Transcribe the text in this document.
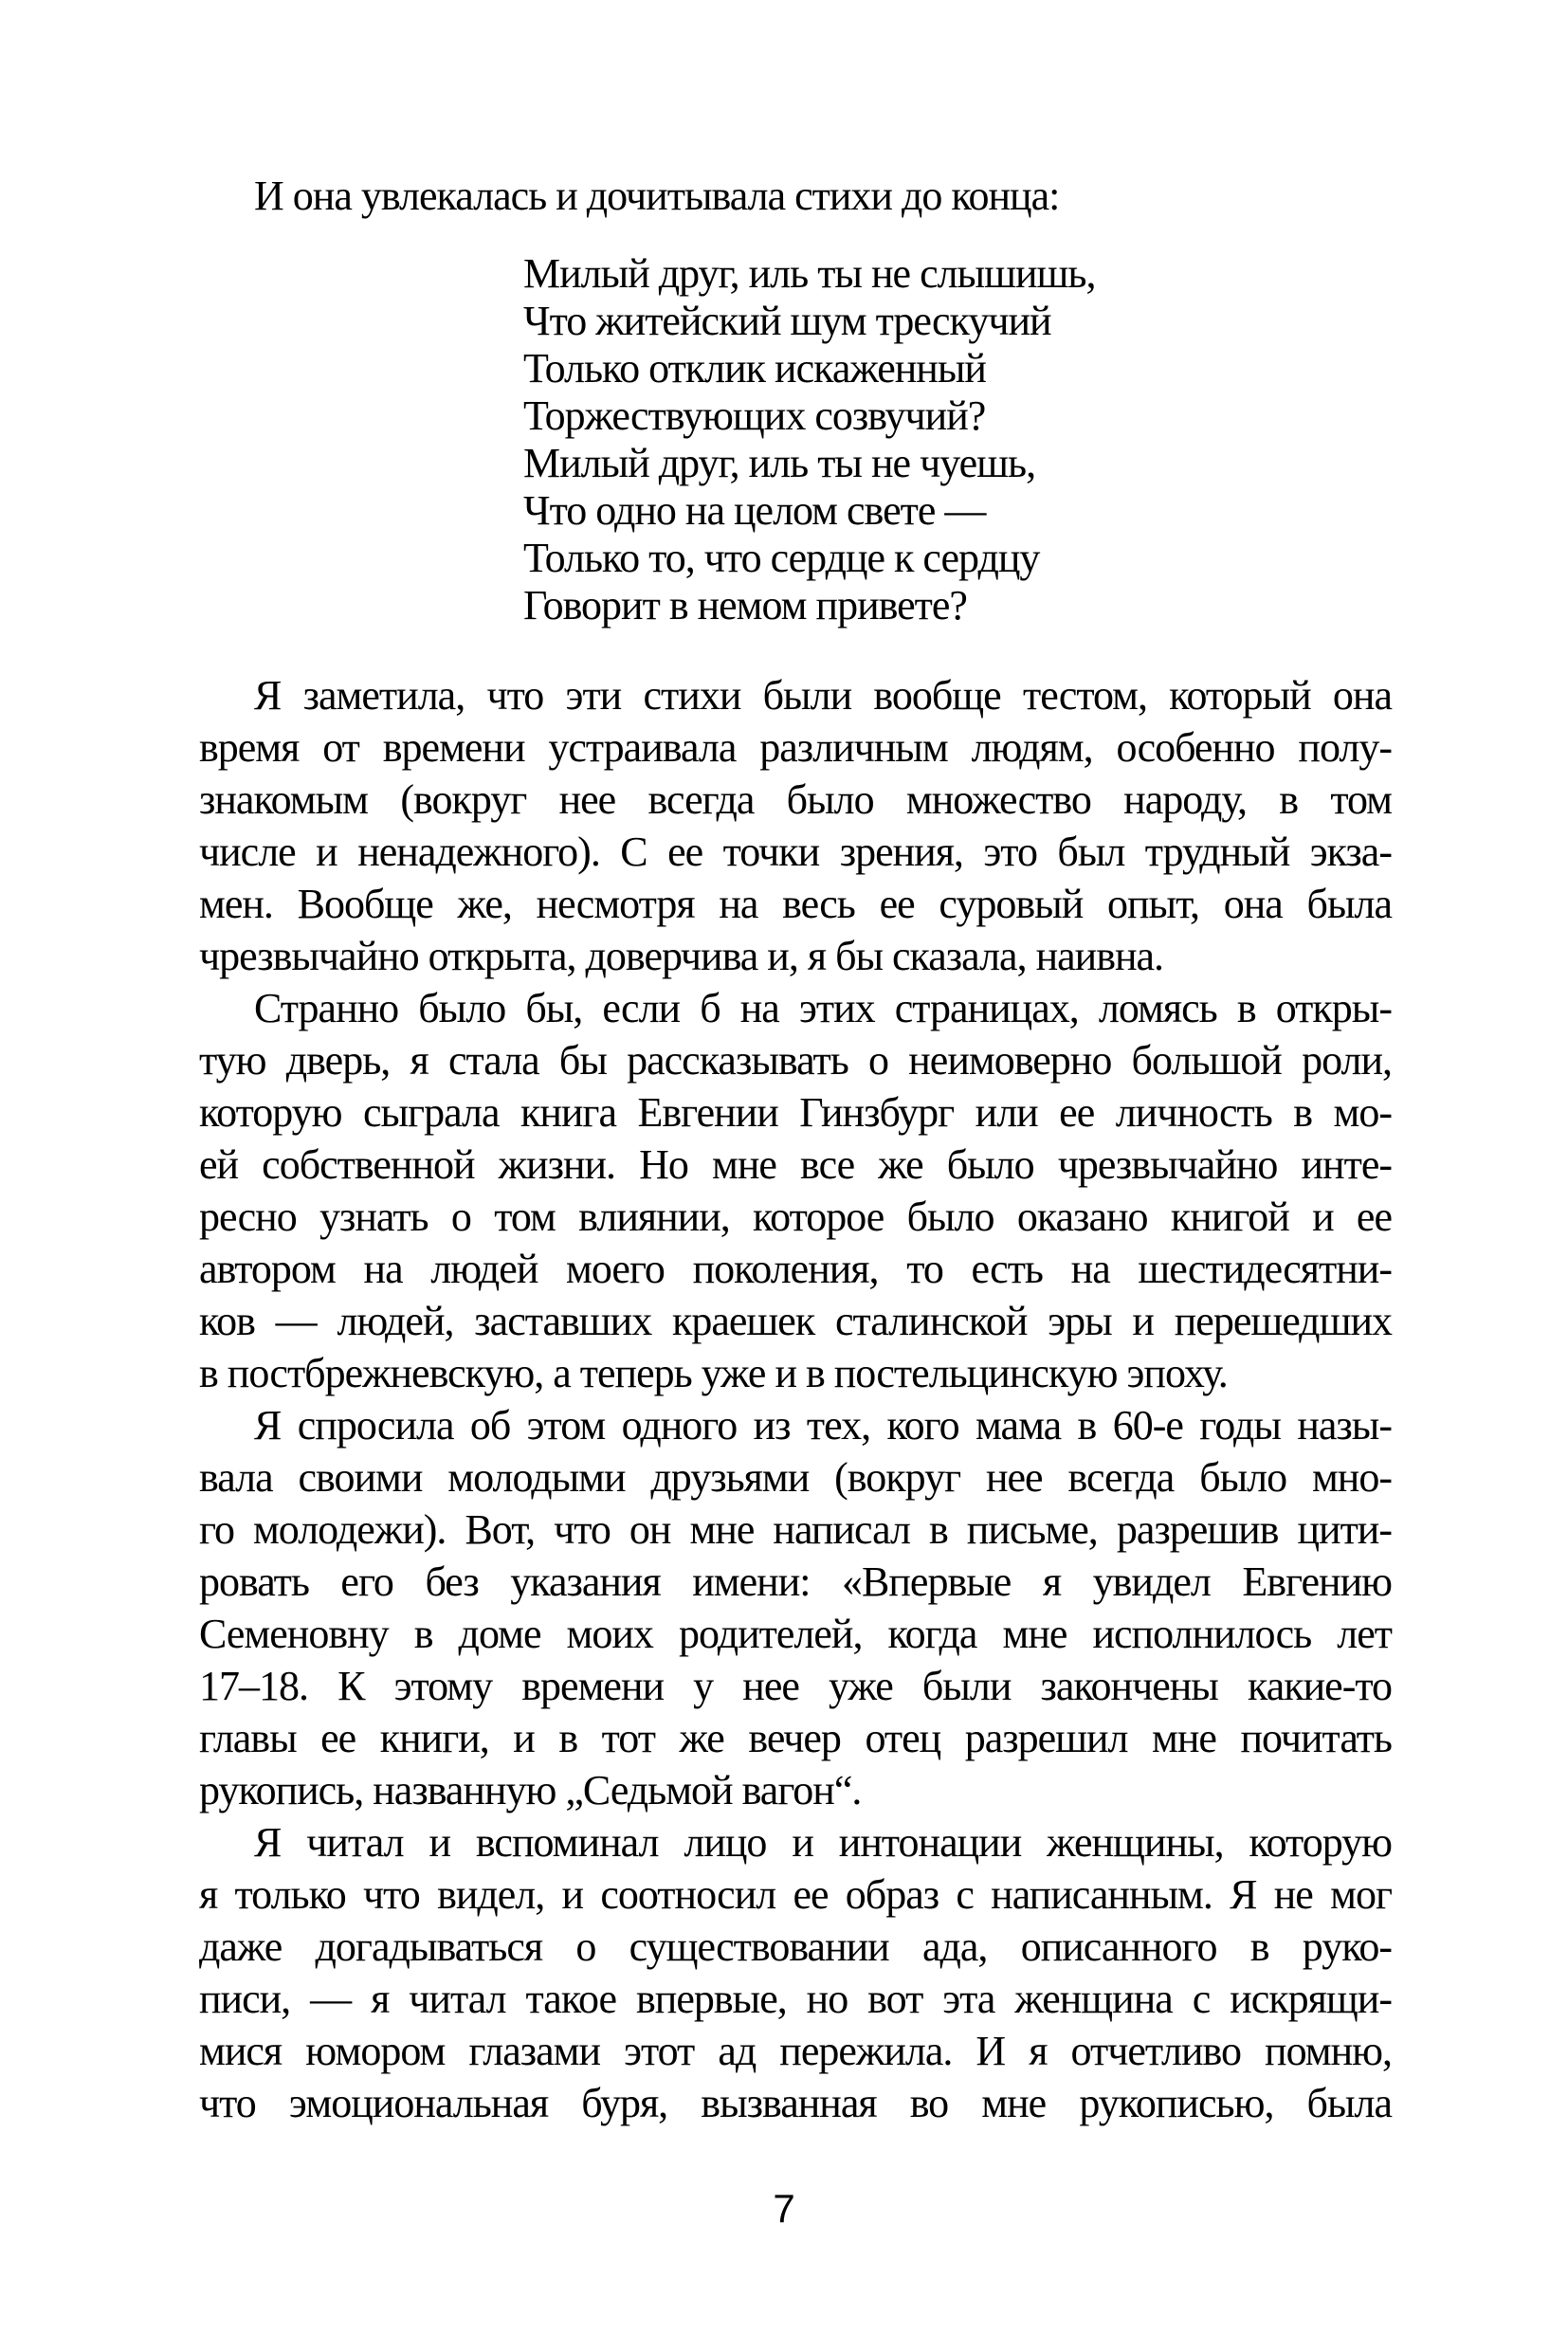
И она увлекалась и дочитывала стихи до конца:
Милый друг, иль ты не слышишь,
Что житейский шум трескучий
Только отклик искаженный
Торжествующих созвучий?
Милый друг, иль ты не чуешь,
Что одно на целом свете —
Только то, что сердце к сердцу
Говорит в немом привете?
Я заметила, что эти стихи были вообще тестом, который она
время от времени устраивала различным людям, особенно полу-
знакомым (вокруг нее всегда было множество народу, в том
числе и ненадежного). С ее точки зрения, это был трудный экза-
мен. Вообще же, несмотря на весь ее суровый опыт, она была
чрезвычайно открыта, доверчива и, я бы сказала, наивна.
Странно было бы, если б на этих страницах, ломясь в откры-
тую дверь, я стала бы рассказывать о неимоверно большой роли,
которую сыграла книга Евгении Гинзбург или ее личность в мо-
ей собственной жизни. Но мне все же было чрезвычайно инте-
ресно узнать о том влиянии, которое было оказано книгой и ее
автором на людей моего поколения, то есть на шестидесятни-
ков — людей, заставших краешек сталинской эры и перешедших
в постбрежневскую, а теперь уже и в постельцинскую эпоху.
Я спросила об этом одного из тех, кого мама в 60-е годы назы-
вала своими молодыми друзьями (вокруг нее всегда было мно-
го молодежи). Вот, что он мне написал в письме, разрешив цити-
ровать его без указания имени: «Впервые я увидел Евгению
Семеновну в доме моих родителей, когда мне исполнилось лет
17–18. К этому времени у нее уже были закончены какие-то
главы ее книги, и в тот же вечер отец разрешил мне почитать
рукопись, названную „Седьмой вагон“.
Я читал и вспоминал лицо и интонации женщины, которую
я только что видел, и соотносил ее образ с написанным. Я не мог
даже догадываться о существовании ада, описанного в руко-
писи, — я читал такое впервые, но вот эта женщина с искрящи-
мися юмором глазами этот ад пережила. И я отчетливо помню,
что эмоциональная буря, вызванная во мне рукописью, была
7
